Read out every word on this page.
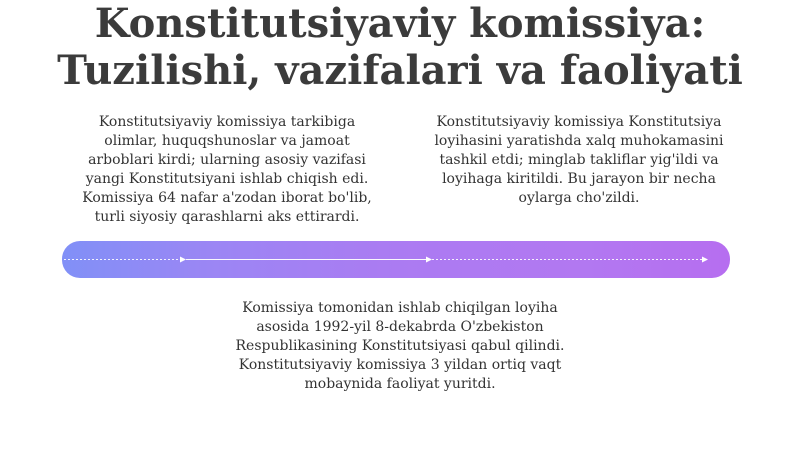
Konstitutsiyaviy komissiya:
Tuzilishi, vazifalari va faoliyati
Konstitutsiyaviy komissiya tarkibiga olimlar, huquqshunoslar va jamoat arboblari kirdi; ularning asosiy vazifasi yangi Konstitutsiyani ishlab chiqish edi. Komissiya 64 nafar a'zodan iborat bo'lib, turli siyosiy qarashlarni aks ettirardi.
Konstitutsiyaviy komissiya Konstitutsiya loyihasini yaratishda xalq muhokamasini tashkil etdi; minglab takliflar yig'ildi va loyihaga kiritildi. Bu jarayon bir necha oylarga cho'zildi.
Komissiya tomonidan ishlab chiqilgan loyiha asosida 1992-yil 8-dekabrda O'zbekiston Respublikasining Konstitutsiyasi qabul qilindi. Konstitutsiyaviy komissiya 3 yildan ortiq vaqt mobaynida faoliyat yuritdi.
